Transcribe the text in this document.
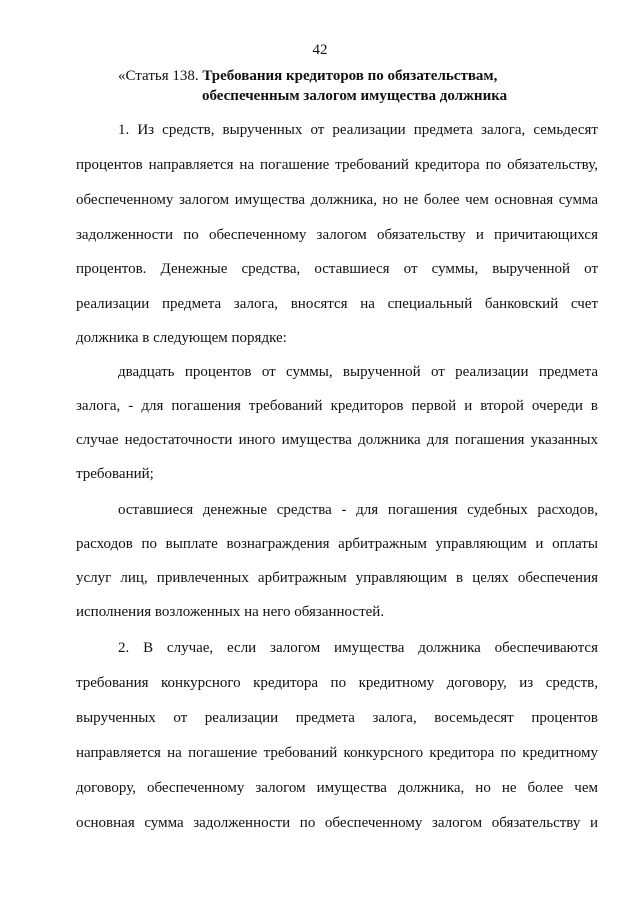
42
«Статья 138. Требования кредиторов по обязательствам,
обеспеченным залогом имущества должника
1. Из средств, вырученных от реализации предмета залога, семьдесят
процентов направляется на погашение требований кредитора по обязательству,
обеспеченному залогом имущества должника, но не более чем основная сумма
задолженности по обеспеченному залогом обязательству и причитающихся
процентов. Денежные средства, оставшиеся от суммы, вырученной от
реализации предмета залога, вносятся на специальный банковский счет
должника в следующем порядке:
двадцать процентов от суммы, вырученной от реализации предмета
залога, - для погашения требований кредиторов первой и второй очереди в
случае недостаточности иного имущества должника для погашения указанных
требований;
оставшиеся денежные средства - для погашения судебных расходов,
расходов по выплате вознаграждения арбитражным управляющим и оплаты
услуг лиц, привлеченных арбитражным управляющим в целях обеспечения
исполнения возложенных на него обязанностей.
2. В случае, если залогом имущества должника обеспечиваются
требования конкурсного кредитора по кредитному договору, из средств,
вырученных от реализации предмета залога, восемьдесят процентов
направляется на погашение требований конкурсного кредитора по кредитному
договору, обеспеченному залогом имущества должника, но не более чем
основная сумма задолженности по обеспеченному залогом обязательству и
